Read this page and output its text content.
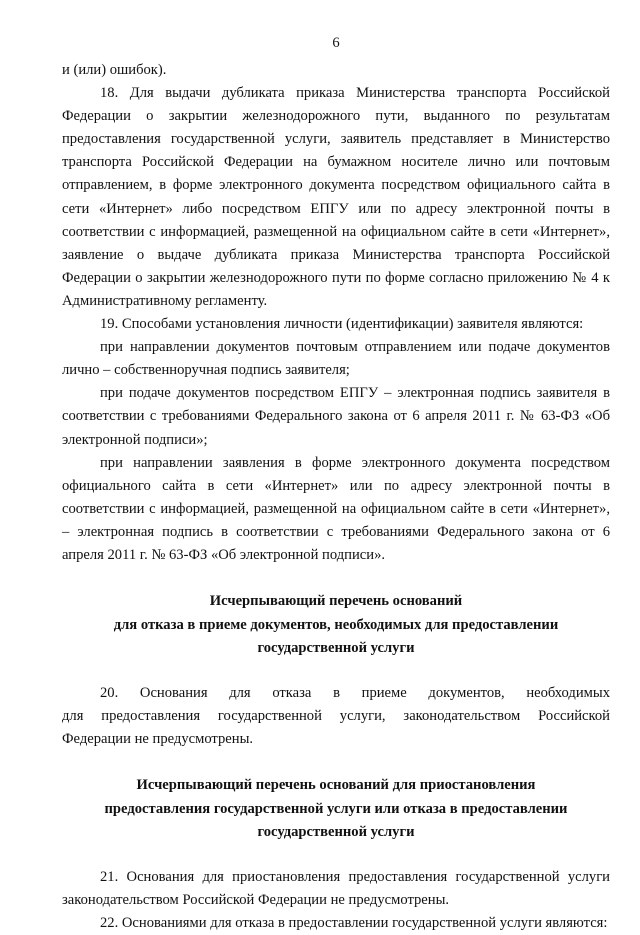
6

и (или) ошибок).

18. Для выдачи дубликата приказа Министерства транспорта Российской Федерации о закрытии железнодорожного пути, выданного по результатам предоставления государственной услуги, заявитель представляет в Министерство транспорта Российской Федерации на бумажном носителе лично или почтовым отправлением, в форме электронного документа посредством официального сайта в сети «Интернет» либо посредством ЕПГУ или по адресу электронной почты в соответствии с информацией, размещенной на официальном сайте в сети «Интернет», заявление о выдаче дубликата приказа Министерства транспорта Российской Федерации о закрытии железнодорожного пути по форме согласно приложению № 4 к Административному регламенту.

19. Способами установления личности (идентификации) заявителя являются:

при направлении документов почтовым отправлением или подаче документов лично – собственноручная подпись заявителя;

при подаче документов посредством ЕПГУ – электронная подпись заявителя в соответствии с требованиями Федерального закона от 6 апреля 2011 г. № 63-ФЗ «Об электронной подписи»;

при направлении заявления в форме электронного документа посредством официального сайта в сети «Интернет» или по адресу электронной почты в соответствии с информацией, размещенной на официальном сайте в сети «Интернет», – электронная подпись в соответствии с требованиями Федерального закона от 6 апреля 2011 г. № 63-ФЗ «Об электронной подписи».

Исчерпывающий перечень оснований

для отказа в приеме документов, необходимых для предоставлении

государственной услуги

20. Основания для отказа в приеме документов, необходимых

для предоставления государственной услуги, законодательством Российской Федерации не предусмотрены.

Исчерпывающий перечень оснований для приостановления

предоставления государственной услуги или отказа в предоставлении

государственной услуги

21. Основания для приостановления предоставления государственной услуги законодательством Российской Федерации не предусмотрены.

22. Основаниями для отказа в предоставлении государственной услуги являются:
